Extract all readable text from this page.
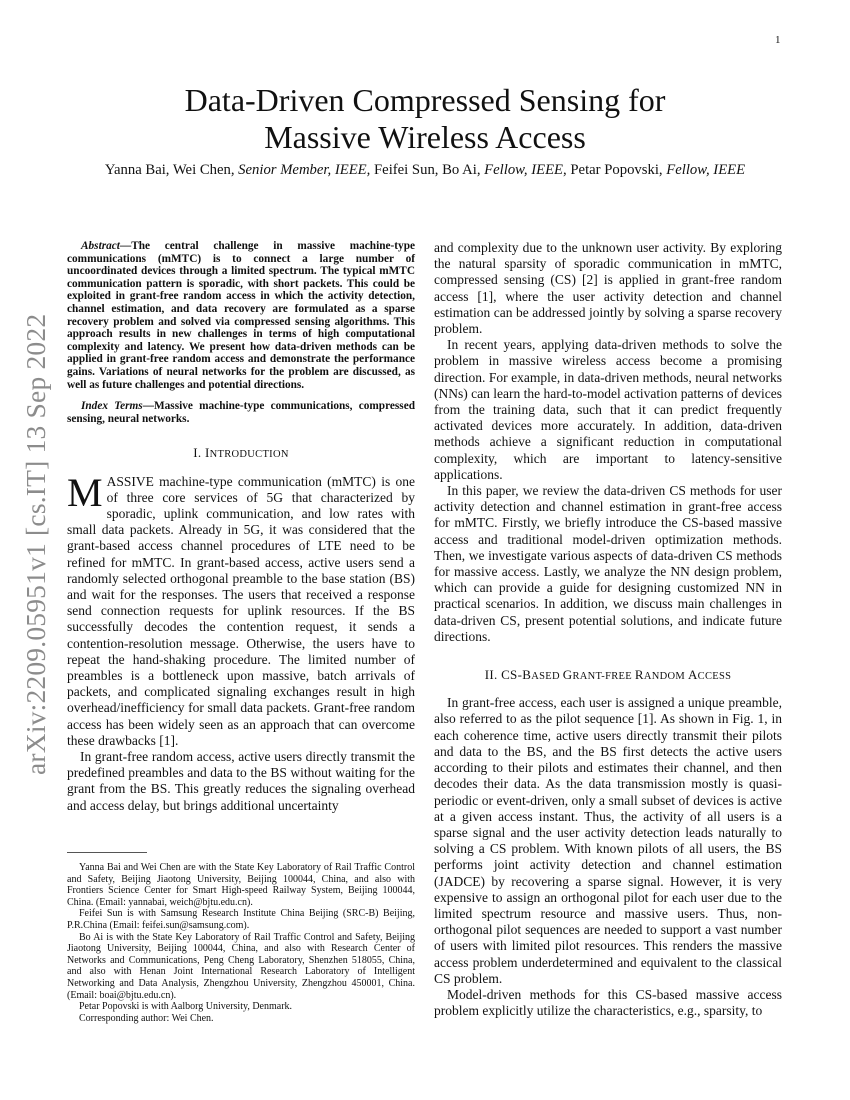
1
arXiv:2209.05951v1 [cs.IT] 13 Sep 2022
Data-Driven Compressed Sensing for
Massive Wireless Access
Yanna Bai, Wei Chen, Senior Member, IEEE, Feifei Sun, Bo Ai, Fellow, IEEE, Petar Popovski, Fellow, IEEE

Abstract—The central challenge in massive machine-type communications (mMTC) is to connect a large number of uncoordinated devices through a limited spectrum. The typical mMTC communication pattern is sporadic, with short packets. This could be exploited in grant-free random access in which the activity detection, channel estimation, and data recovery are formulated as a sparse recovery problem and solved via compressed sensing algorithms. This approach results in new challenges in terms of high computational complexity and latency. We present how data-driven methods can be applied in grant-free random access and demonstrate the performance gains. Variations of neural networks for the problem are discussed, as well as future challenges and potential directions.

Index Terms—Massive machine-type communications, compressed sensing, neural networks.

I. INTRODUCTION

MASSIVE machine-type communication (mMTC) is one of three core services of 5G that characterized by sporadic, uplink communication, and low rates with small data packets. Already in 5G, it was considered that the grant-based access channel procedures of LTE need to be refined for mMTC. In grant-based access, active users send a randomly selected orthogonal preamble to the base station (BS) and wait for the responses. The users that received a response send connection requests for uplink resources. If the BS successfully decodes the contention request, it sends a contention-resolution message. Otherwise, the users have to repeat the hand-shaking procedure. The limited number of preambles is a bottleneck upon massive, batch arrivals of packets, and complicated signaling exchanges result in high overhead/inefficiency for small data packets. Grant-free random access has been widely seen as an approach that can overcome these drawbacks [1].

In grant-free random access, active users directly transmit the predefined preambles and data to the BS without waiting for the grant from the BS. This greatly reduces the signaling overhead and access delay, but brings additional uncertainty

Yanna Bai and Wei Chen are with the State Key Laboratory of Rail Traffic Control and Safety, Beijing Jiaotong University, Beijing 100044, China, and also with Frontiers Science Center for Smart High-speed Railway System, Beijing 100044, China. (Email: yannabai, weich@bjtu.edu.cn).

Feifei Sun is with Samsung Research Institute China Beijing (SRC-B) Beijing, P.R.China (Email: feifei.sun@samsung.com).

Bo Ai is with the State Key Laboratory of Rail Traffic Control and Safety, Beijing Jiaotong University, Beijing 100044, China, and also with Research Center of Networks and Communications, Peng Cheng Laboratory, Shenzhen 518055, China, and also with Henan Joint International Research Laboratory of Intelligent Networking and Data Analysis, Zhengzhou University, Zhengzhou 450001, China. (Email: boai@bjtu.edu.cn).

Petar Popovski is with Aalborg University, Denmark.

Corresponding author: Wei Chen.

and complexity due to the unknown user activity. By exploring the natural sparsity of sporadic communication in mMTC, compressed sensing (CS) [2] is applied in grant-free random access [1], where the user activity detection and channel estimation can be addressed jointly by solving a sparse recovery problem.

In recent years, applying data-driven methods to solve the problem in massive wireless access become a promising direction. For example, in data-driven methods, neural networks (NNs) can learn the hard-to-model activation patterns of devices from the training data, such that it can predict frequently activated devices more accurately. In addition, data-driven methods achieve a significant reduction in computational complexity, which are important to latency-sensitive applications.

In this paper, we review the data-driven CS methods for user activity detection and channel estimation in grant-free access for mMTC. Firstly, we briefly introduce the CS-based massive access and traditional model-driven optimization methods. Then, we investigate various aspects of data-driven CS methods for massive access. Lastly, we analyze the NN design problem, which can provide a guide for designing customized NN in practical scenarios. In addition, we discuss main challenges in data-driven CS, present potential solutions, and indicate future directions.

II. CS-BASED GRANT-FREE RANDOM ACCESS

In grant-free access, each user is assigned a unique preamble, also referred to as the pilot sequence [1]. As shown in Fig. 1, in each coherence time, active users directly transmit their pilots and data to the BS, and the BS first detects the active users according to their pilots and estimates their channel, and then decodes their data. As the data transmission mostly is quasi-periodic or event-driven, only a small subset of devices is active at a given access instant. Thus, the activity of all users is a sparse signal and the user activity detection leads naturally to solving a CS problem. With known pilots of all users, the BS performs joint activity detection and channel estimation (JADCE) by recovering a sparse signal. However, it is very expensive to assign an orthogonal pilot for each user due to the limited spectrum resource and massive users. Thus, non-orthogonal pilot sequences are needed to support a vast number of users with limited pilot resources. This renders the massive access problem underdetermined and equivalent to the classical CS problem.

Model-driven methods for this CS-based massive access problem explicitly utilize the characteristics, e.g., sparsity, to
